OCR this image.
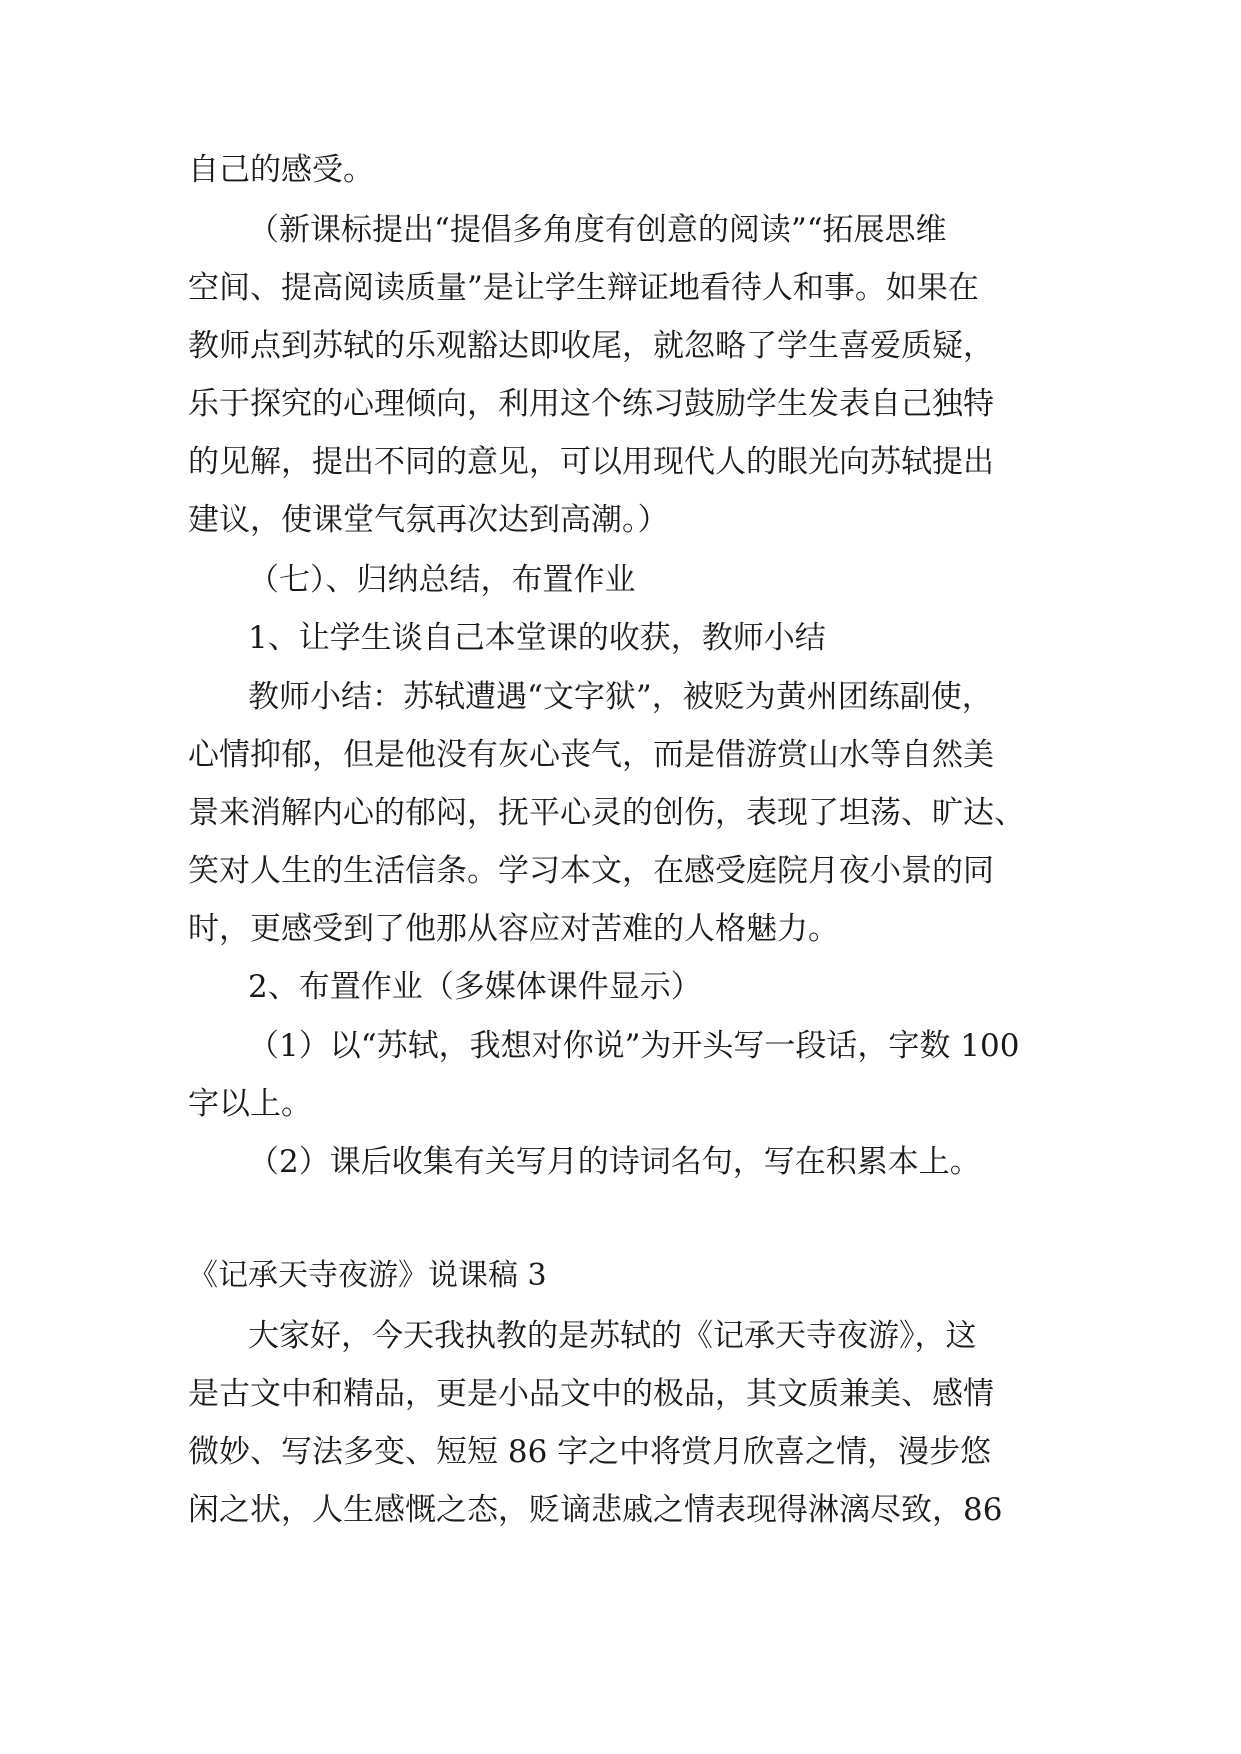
自己的感受。

（新课标提出“提倡多角度有创意的阅读”“拓展思维

空间、提高阅读质量”是让学生辩证地看待人和事。如果在

教师点到苏轼的乐观豁达即收尾，就忽略了学生喜爱质疑，

乐于探究的心理倾向，利用这个练习鼓励学生发表自己独特

的见解，提出不同的意见，可以用现代人的眼光向苏轼提出

建议，使课堂气氛再次达到高潮。）

（七）、归纳总结，布置作业

1、让学生谈自己本堂课的收获，教师小结

教师小结：苏轼遭遇“文字狱”，被贬为黄州团练副使，

心情抑郁，但是他没有灰心丧气，而是借游赏山水等自然美

景来消解内心的郁闷，抚平心灵的创伤，表现了坦荡、旷达、

笑对人生的生活信条。学习本文，在感受庭院月夜小景的同

时，更感受到了他那从容应对苦难的人格魅力。

2、布置作业（多媒体课件显示）

（1）以“苏轼，我想对你说”为开头写一段话，字数 100

字以上。

（2）课后收集有关写月的诗词名句，写在积累本上。

《记承天寺夜游》说课稿 3

大家好，今天我执教的是苏轼的《记承天寺夜游》，这

是古文中和精品，更是小品文中的极品，其文质兼美、感情

微妙、写法多变、短短 86 字之中将赏月欣喜之情，漫步悠

闲之状，人生感慨之态，贬谪悲戚之情表现得淋漓尽致，86
